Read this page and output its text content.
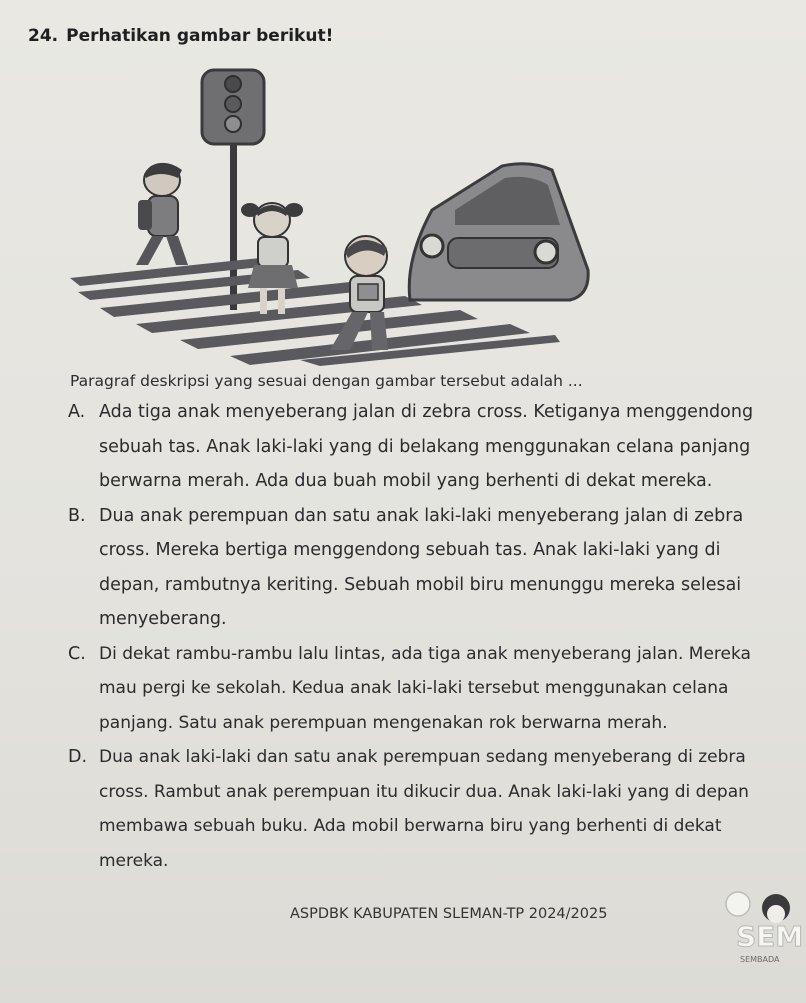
24. Perhatikan gambar berikut!
Paragraf deskripsi yang sesuai dengan gambar tersebut adalah ...
A. Ada tiga anak menyeberang jalan di zebra cross. Ketiganya menggendong
sebuah tas. Anak laki-laki yang di belakang menggunakan celana panjang
berwarna merah. Ada dua buah mobil yang berhenti di dekat mereka.
B. Dua anak perempuan dan satu anak laki-laki menyeberang jalan di zebra
cross. Mereka bertiga menggendong sebuah tas. Anak laki-laki yang di
depan, rambutnya keriting. Sebuah mobil biru menunggu mereka selesai
menyeberang.
C. Di dekat rambu-rambu lalu lintas, ada tiga anak menyeberang jalan. Mereka
mau pergi ke sekolah. Kedua anak laki-laki tersebut menggunakan celana
panjang. Satu anak perempuan mengenakan rok berwarna merah.
D. Dua anak laki-laki dan satu anak perempuan sedang menyeberang di zebra
cross. Rambut anak perempuan itu dikucir dua. Anak laki-laki yang di depan
membawa sebuah buku. Ada mobil berwarna biru yang berhenti di dekat
mereka.
ASPDBK KABUPATEN SLEMAN-TP 2024/2025
SEM
SEMBADA
